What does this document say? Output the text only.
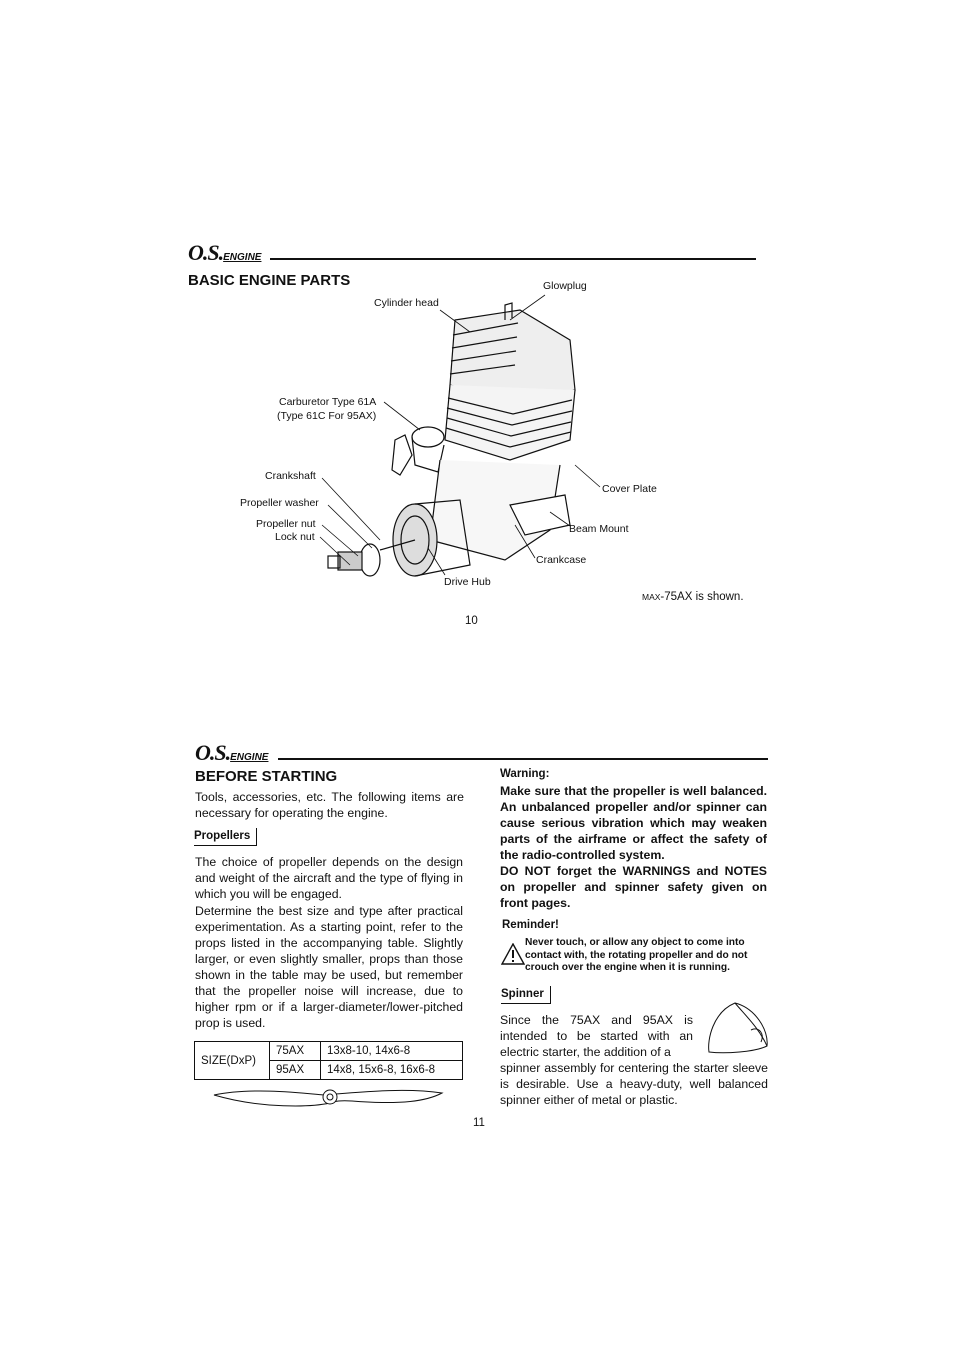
O.S.ENGINE
BASIC ENGINE PARTS	Glowplug
Cylinder head
Carburetor Type 61A
(Type 61C For 95AX)
Crankshaft
Propeller washer
Propeller nut
Lock nut
Drive Hub
Crankcase
Beam Mount
Cover Plate
MAX-75AX is shown.
10
O.S.ENGINE
BEFORE STARTING
Tools, accessories, etc. The following items are necessary for operating the engine.
Propellers
The choice of propeller depends on the design and weight of the aircraft and the type of flying in which you will be engaged.
Determine the best size and type after practical experimentation. As a starting point, refer to the props listed in the accompanying table. Slightly larger, or even slightly smaller, props than those shown in the table may be used, but remember that the propeller noise will increase, due to higher rpm or if a larger-diameter/lower-pitched prop is used.
SIZE(DxP)	75AX	13x8-10, 14x6-8
	95AX	14x8, 15x6-8, 16x6-8
11
Warning:
Make sure that the propeller is well balanced. An unbalanced propeller and/or spinner can cause serious vibration which may weaken parts of the airframe or affect the safety of the radio-controlled system.
DO NOT forget the WARNINGS and NOTES on propeller and spinner safety given on front pages.
Reminder!
Never touch, or allow any object to come into contact with, the rotating propeller and do not crouch over the engine when it is running.
Spinner
Since the 75AX and 95AX is intended to be started with an electric starter, the addition of a
spinner assembly for centering the starter sleeve is desirable. Use a heavy-duty, well balanced spinner either of metal or plastic.
